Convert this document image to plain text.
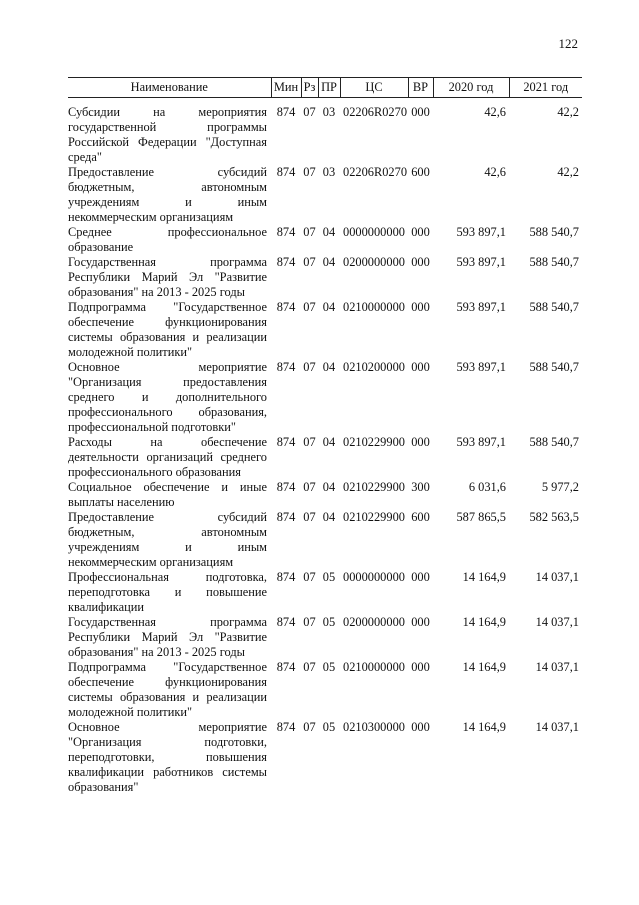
122
Наименование	Мин	Рз	ПР	ЦС	ВР	2020 год	2021 год
Субсидии на мероприятия государственной программы Российской Федерации "Доступная среда"	874	07	03	02206R0270	000	42,6	42,2
Предоставление субсидий бюджетным, автономным учреждениям и иным некоммерческим организациям	874	07	03	02206R0270	600	42,6	42,2
Среднее профессиональное образование	874	07	04	0000000000	000	593 897,1	588 540,7
Государственная программа Республики Марий Эл "Развитие образования" на 2013 - 2025 годы	874	07	04	0200000000	000	593 897,1	588 540,7
Подпрограмма "Государственное обеспечение функционирования системы образования и реализации молодежной политики"	874	07	04	0210000000	000	593 897,1	588 540,7
Основное мероприятие "Организация предоставления среднего и дополнительного профессионального образования, профессиональной подготовки"	874	07	04	0210200000	000	593 897,1	588 540,7
Расходы на обеспечение деятельности организаций среднего профессионального образования	874	07	04	0210229900	000	593 897,1	588 540,7
Социальное обеспечение и иные выплаты населению	874	07	04	0210229900	300	6 031,6	5 977,2
Предоставление субсидий бюджетным, автономным учреждениям и иным некоммерческим организациям	874	07	04	0210229900	600	587 865,5	582 563,5
Профессиональная подготовка, переподготовка и повышение квалификации	874	07	05	0000000000	000	14 164,9	14 037,1
Государственная программа Республики Марий Эл "Развитие образования" на 2013 - 2025 годы	874	07	05	0200000000	000	14 164,9	14 037,1
Подпрограмма "Государственное обеспечение функционирования системы образования и реализации молодежной политики"	874	07	05	0210000000	000	14 164,9	14 037,1
Основное мероприятие "Организация подготовки, переподготовки, повышения квалификации работников системы образования"	874	07	05	0210300000	000	14 164,9	14 037,1
